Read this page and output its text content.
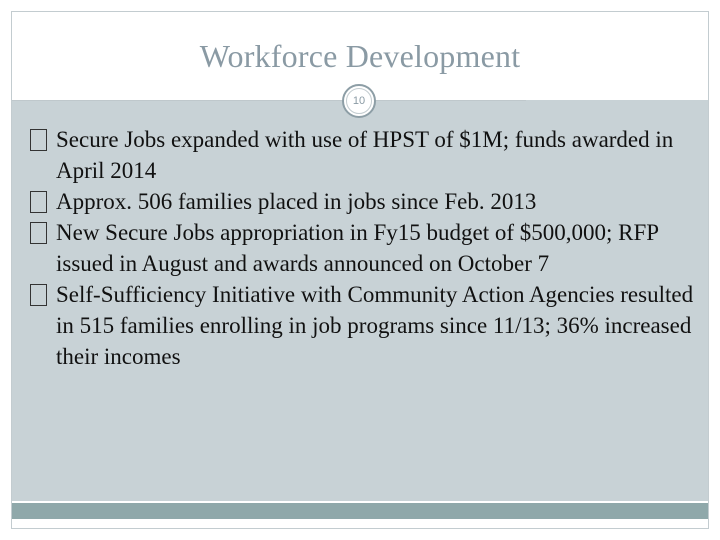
Workforce Development
10
Secure Jobs expanded with use of HPST of $1M; funds awarded in April 2014
Approx. 506 families placed in jobs since Feb. 2013
New Secure Jobs appropriation in Fy15 budget of $500,000; RFP issued in August and awards announced on October 7
Self-Sufficiency Initiative with Community Action Agencies resulted in 515 families enrolling in job programs since 11/13; 36% increased their incomes
